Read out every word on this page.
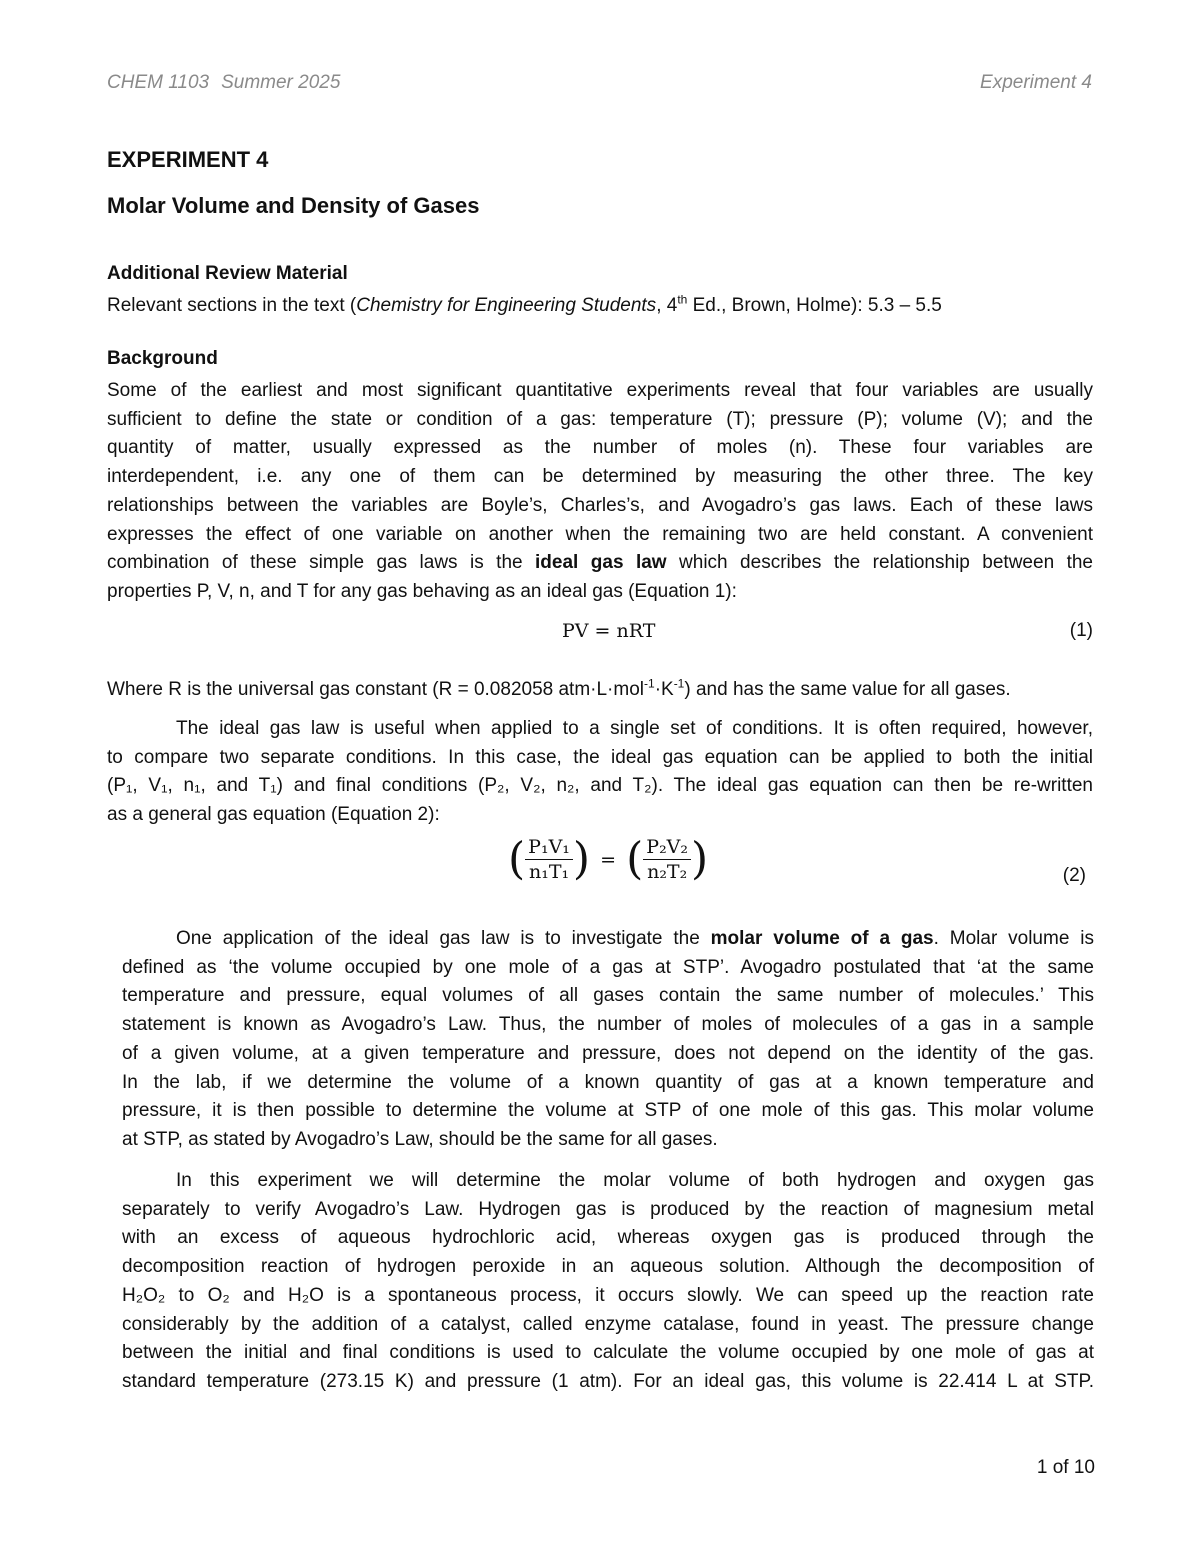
CHEM 1103 Summer 2025	Experiment 4
EXPERIMENT 4
Molar Volume and Density of Gases
Additional Review Material
Relevant sections in the text (Chemistry for Engineering Students, 4th Ed., Brown, Holme): 5.3 – 5.5
Background
Some of the earliest and most significant quantitative experiments reveal that four variables are usually
sufficient to define the state or condition of a gas: temperature (T); pressure (P); volume (V); and the
quantity of matter, usually expressed as the number of moles (n). These four variables are
interdependent, i.e. any one of them can be determined by measuring the other three. The key
relationships between the variables are Boyle’s, Charles’s, and Avogadro’s gas laws. Each of these laws
expresses the effect of one variable on another when the remaining two are held constant. A convenient
combination of these simple gas laws is the ideal gas law which describes the relationship between the
properties P, V, n, and T for any gas behaving as an ideal gas (Equation 1):
PV = nRT	(1)
Where R is the universal gas constant (R = 0.082058 $atm\cdot L\cdot mol^{-1}\cdot K^{-1}$) and has the same value for all gases.
The ideal gas law is useful when applied to a single set of conditions. It is often required, however,
to compare two separate conditions. In this case, the ideal gas equation can be applied to both the initial
(P₁, V₁, n₁, and T₁) and final conditions (P₂, V₂, n₂, and T₂). The ideal gas equation can then be re-written
as a general gas equation (Equation 2):
( $\frac{\text{P₁V₁}}{\text{n₁T₁}}$ ) = ( $\frac{\text{P₂V₂}}{\text{n₂T₂}}$ )	(2)
One application of the ideal gas law is to investigate the molar volume of a gas. Molar volume is
defined as ‘the volume occupied by one mole of a gas at STP’. Avogadro postulated that ‘at the same
temperature and pressure, equal volumes of all gases contain the same number of molecules.’ This
statement is known as Avogadro’s Law. Thus, the number of moles of molecules of a gas in a sample
of a given volume, at a given temperature and pressure, does not depend on the identity of the gas.
In the lab, if we determine the volume of a known quantity of gas at a known temperature and
pressure, it is then possible to determine the volume at STP of one mole of this gas. This molar volume
at STP, as stated by Avogadro’s Law, should be the same for all gases.
In this experiment we will determine the molar volume of both hydrogen and oxygen gas
separately to verify Avogadro’s Law. Hydrogen gas is produced by the reaction of magnesium metal
with an excess of aqueous hydrochloric acid, whereas oxygen gas is produced through the
decomposition reaction of hydrogen peroxide in an aqueous solution. Although the decomposition of
H₂O₂ to O₂ and H₂O is a spontaneous process, it occurs slowly. We can speed up the reaction rate
considerably by the addition of a catalyst, called enzyme catalase, found in yeast. The pressure change
between the initial and final conditions is used to calculate the volume occupied by one mole of gas at
standard temperature (273.15 K) and pressure (1 atm). For an ideal gas, this volume is 22.414 L at STP.
1 of 10
